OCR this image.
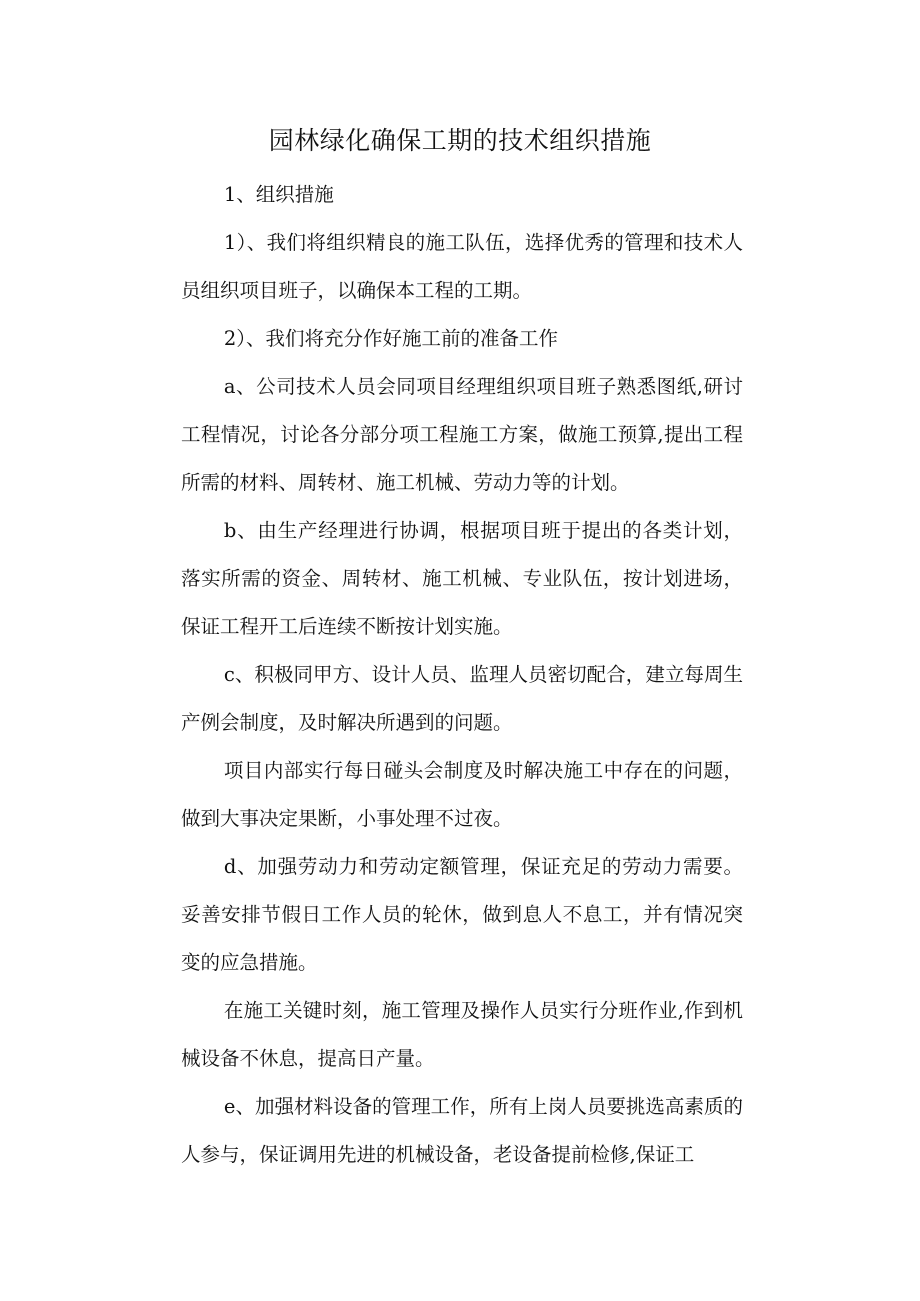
园林绿化确保工期的技术组织措施

1、组织措施

1）、我们将组织精良的施工队伍，选择优秀的管理和技术人员组织项目班子，以确保本工程的工期。

2）、我们将充分作好施工前的准备工作

a、公司技术人员会同项目经理组织项目班子熟悉图纸,研讨工程情况，讨论各分部分项工程施工方案，做施工预算,提出工程所需的材料、周转材、施工机械、劳动力等的计划。

b、由生产经理进行协调，根据项目班于提出的各类计划，落实所需的资金、周转材、施工机械、专业队伍，按计划进场，保证工程开工后连续不断按计划实施。

c、积极同甲方、设计人员、监理人员密切配合，建立每周生产例会制度，及时解决所遇到的问题。

项目内部实行每日碰头会制度及时解决施工中存在的问题，做到大事决定果断，小事处理不过夜。

d、加强劳动力和劳动定额管理，保证充足的劳动力需要。妥善安排节假日工作人员的轮休，做到息人不息工，并有情况突变的应急措施。

在施工关键时刻，施工管理及操作人员实行分班作业,作到机械设备不休息，提高日产量。

e、加强材料设备的管理工作，所有上岗人员要挑选高素质的人参与，保证调用先进的机械设备，老设备提前检修,保证工
